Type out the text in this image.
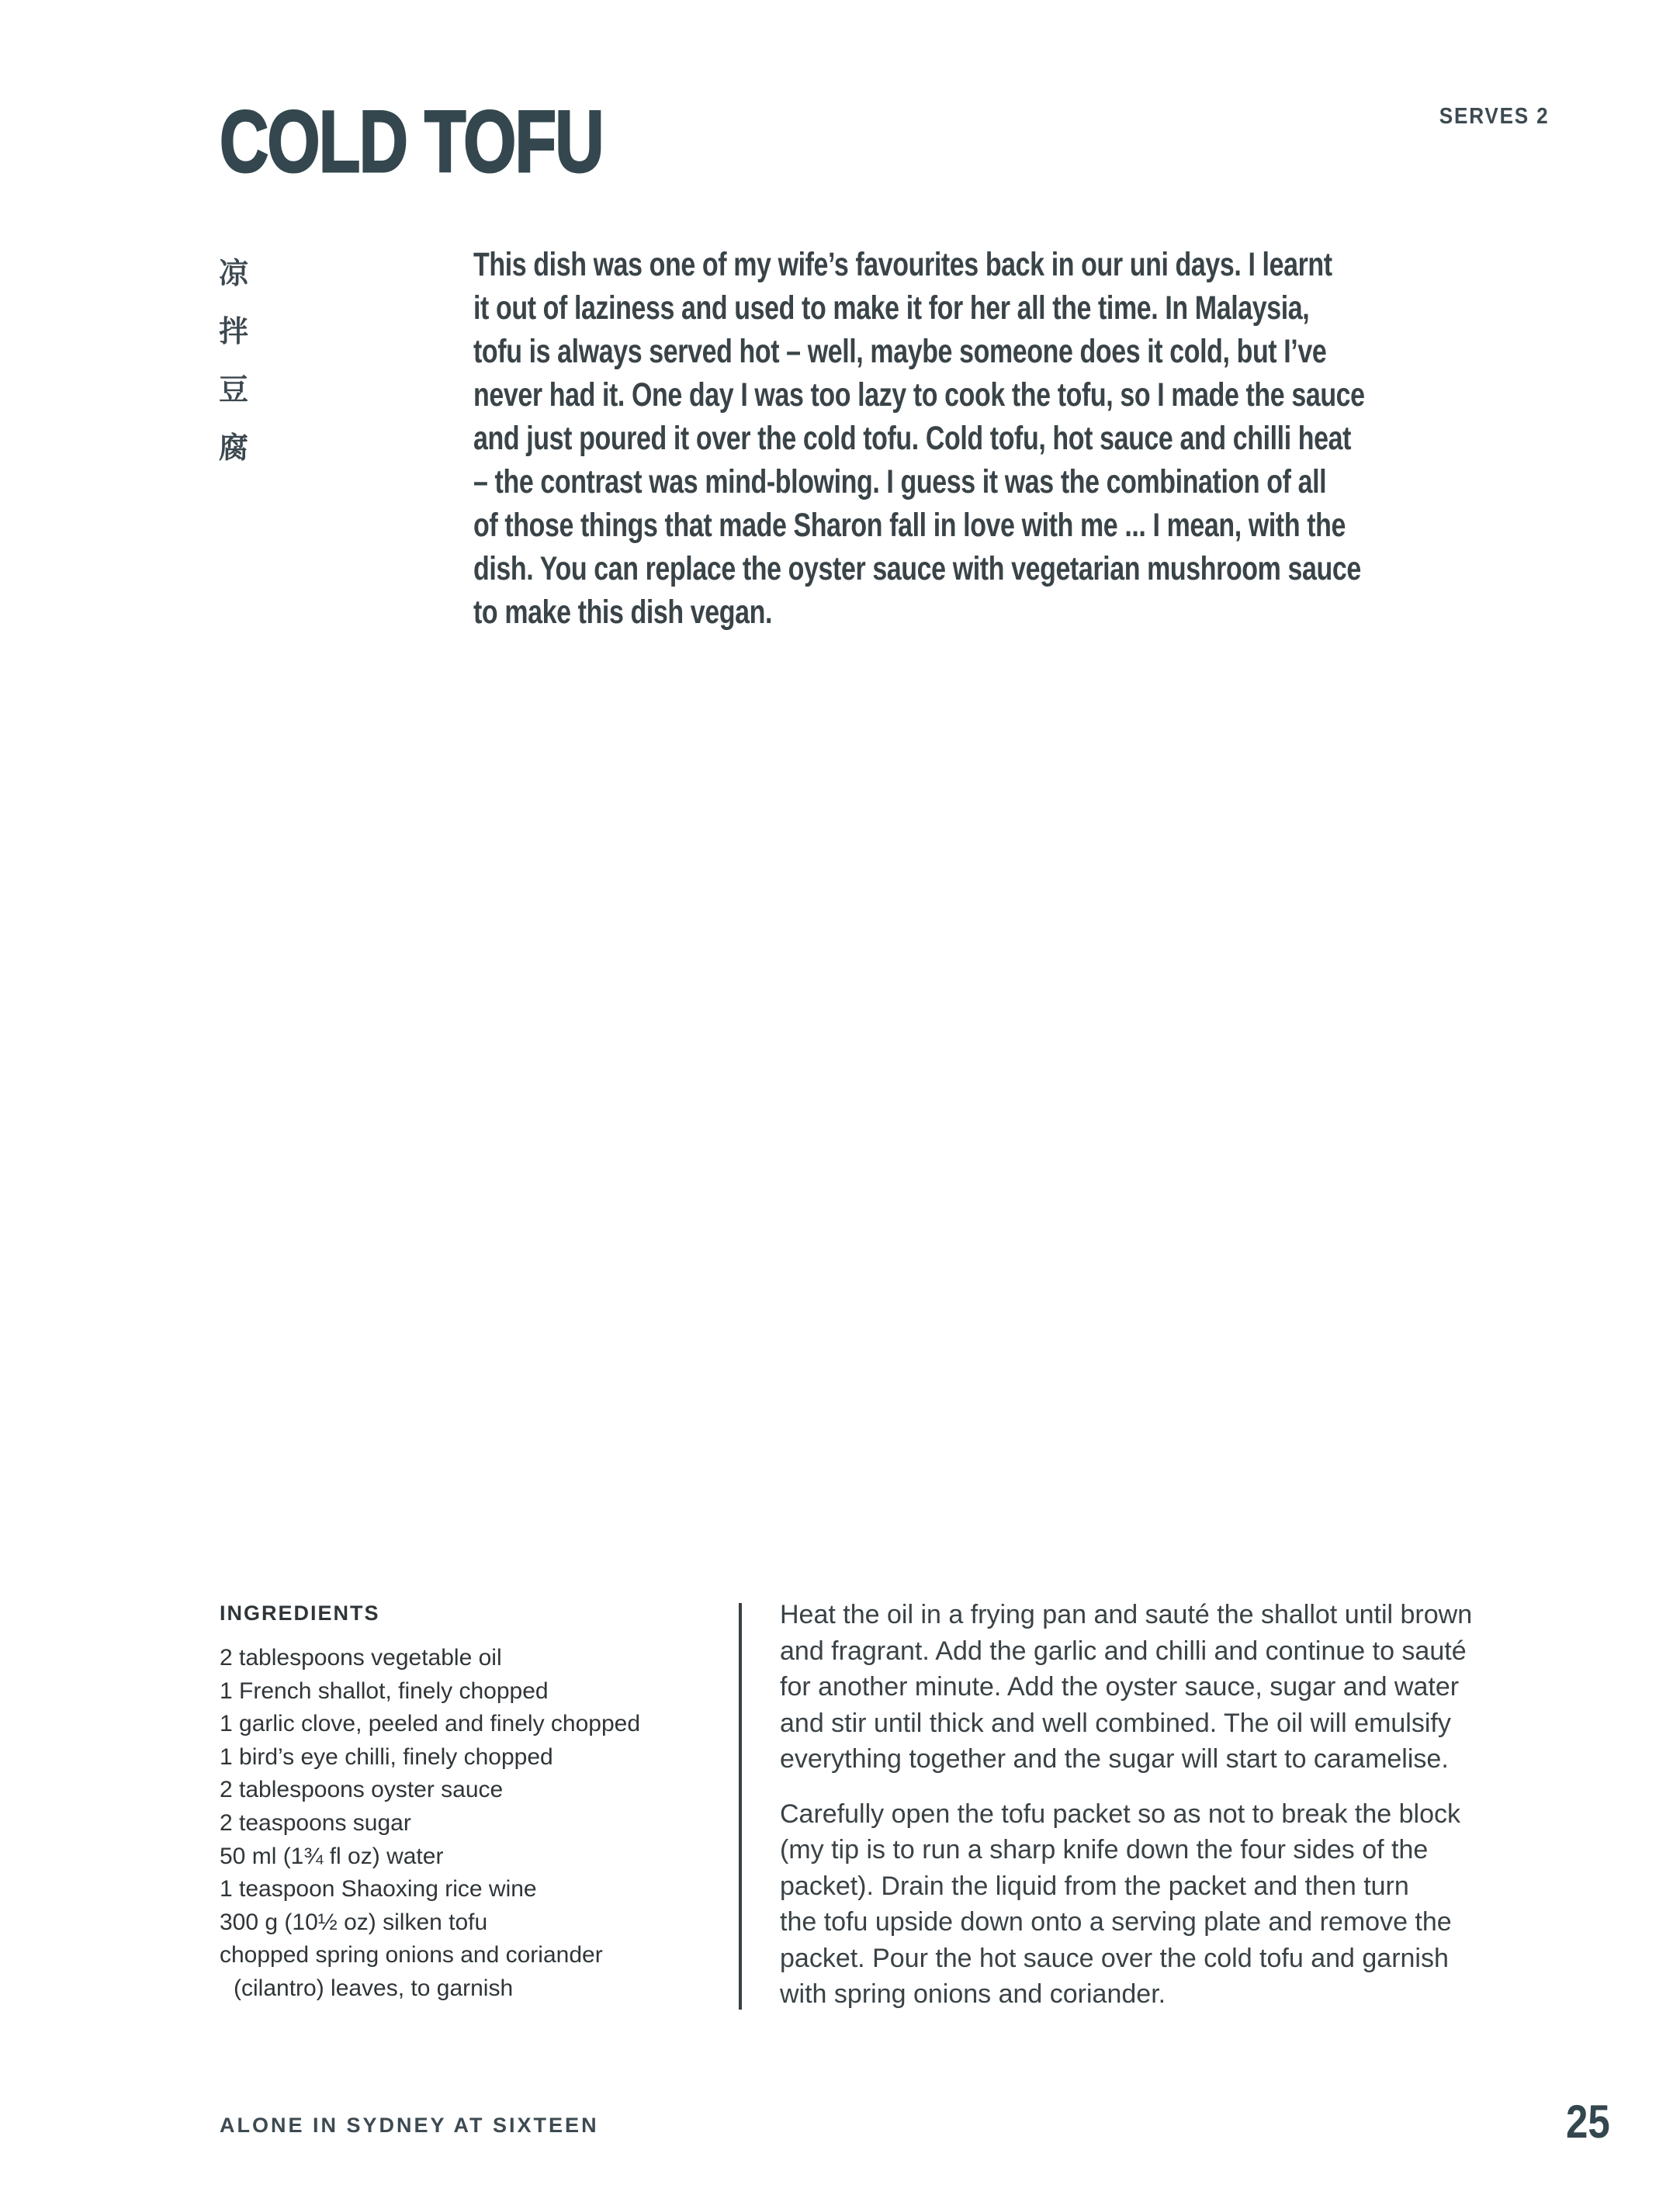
COLD TOFU	SERVES 2
凉
拌
豆
腐
This dish was one of my wife’s favourites back in our uni days. I learnt
it out of laziness and used to make it for her all the time. In Malaysia,
tofu is always served hot – well, maybe someone does it cold, but I’ve
never had it. One day I was too lazy to cook the tofu, so I made the sauce
and just poured it over the cold tofu. Cold tofu, hot sauce and chilli heat
– the contrast was mind-blowing. I guess it was the combination of all
of those things that made Sharon fall in love with me ... I mean, with the
dish. You can replace the oyster sauce with vegetarian mushroom sauce
to make this dish vegan.
INGREDIENTS
2 tablespoons vegetable oil
1 French shallot, finely chopped
1 garlic clove, peeled and finely chopped
1 bird’s eye chilli, finely chopped
2 tablespoons oyster sauce
2 teaspoons sugar
50 ml (1¾ fl oz) water
1 teaspoon Shaoxing rice wine
300 g (10½ oz) silken tofu
chopped spring onions and coriander
(cilantro) leaves, to garnish
Heat the oil in a frying pan and sauté the shallot until brown
and fragrant. Add the garlic and chilli and continue to sauté
for another minute. Add the oyster sauce, sugar and water
and stir until thick and well combined. The oil will emulsify
everything together and the sugar will start to caramelise.
Carefully open the tofu packet so as not to break the block
(my tip is to run a sharp knife down the four sides of the
packet). Drain the liquid from the packet and then turn
the tofu upside down onto a serving plate and remove the
packet. Pour the hot sauce over the cold tofu and garnish
with spring onions and coriander.
ALONE IN SYDNEY AT SIXTEEN	25
